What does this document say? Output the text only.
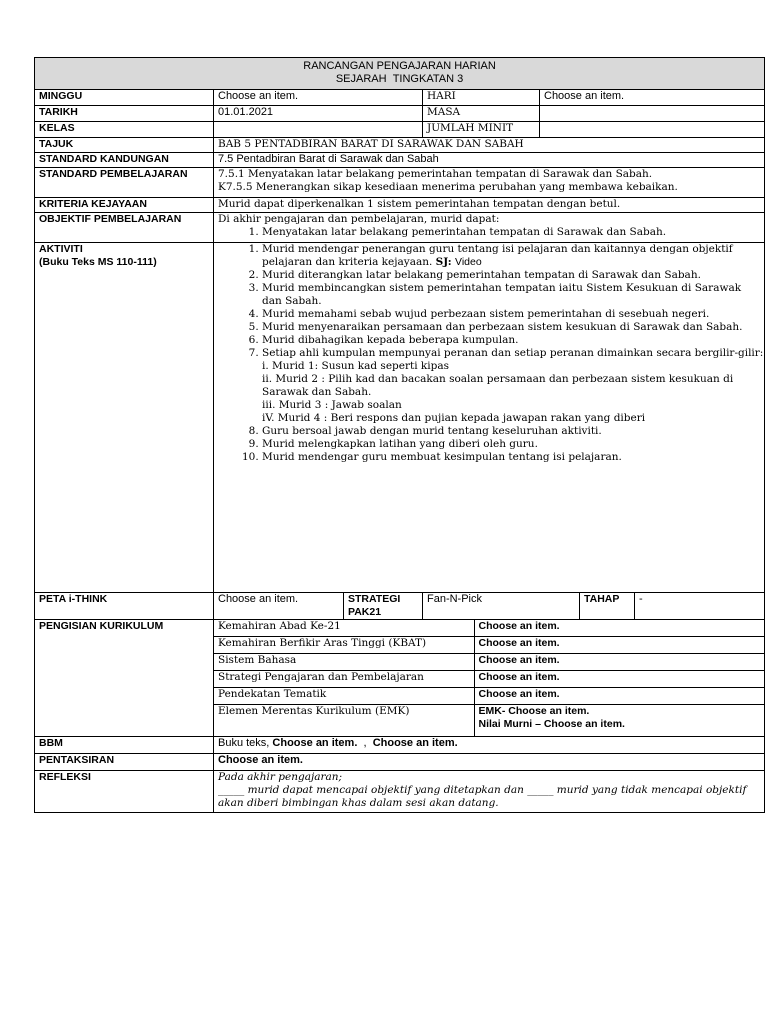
RANCANGAN PENGAJARAN HARIAN
SEJARAH TINGKATAN 3

MINGGU	Choose an item.	HARI	Choose an item.
TARIKH	01.01.2021	MASA	
KELAS		JUMLAH MINIT	
TAJUK	BAB 5 PENTADBIRAN BARAT DI SARAWAK DAN SABAH
STANDARD KANDUNGAN	7.5 Pentadbiran Barat di Sarawak dan Sabah
STANDARD PEMBELAJARAN	7.5.1 Menyatakan latar belakang pemerintahan tempatan di Sarawak dan Sabah.
K7.5.5 Menerangkan sikap kesediaan menerima perubahan yang membawa kebaikan.

KRITERIA KEJAYAAN	Murid dapat diperkenalkan 1 sistem pemerintahan tempatan dengan betul.
OBJEKTIF PEMBELAJARAN	Di akhir pengajaran dan pembelajaran, murid dapat:
1. Menyatakan latar belakang pemerintahan tempatan di Sarawak dan Sabah.

AKTIVITI
(Buku Teks MS 110-111)

1. Murid mendengar penerangan guru tentang isi pelajaran dan kaitannya dengan objektif pelajaran dan kriteria kejayaan. SJ: Video
2. Murid diterangkan latar belakang pemerintahan tempatan di Sarawak dan Sabah.
3. Murid membincangkan sistem pemerintahan tempatan iaitu Sistem Kesukuan di Sarawak dan Sabah.
4. Murid memahami sebab wujud perbezaan sistem pemerintahan di sesebuah negeri.
5. Murid menyenaraikan persamaan dan perbezaan sistem kesukuan di Sarawak dan Sabah.
6. Murid dibahagikan kepada beberapa kumpulan.
7. Setiap ahli kumpulan mempunyai peranan dan setiap peranan dimainkan secara bergilir-gilir:
i. Murid 1: Susun kad seperti kipas
ii. Murid 2 : Pilih kad dan bacakan soalan persamaan dan perbezaan sistem kesukuan di Sarawak dan Sabah.
iii. Murid 3 : Jawab soalan
iV. Murid 4 : Beri respons dan pujian kepada jawapan rakan yang diberi
8. Guru bersoal jawab dengan murid tentang keseluruhan aktiviti.
9. Murid melengkapkan latihan yang diberi oleh guru.
10. Murid mendengar guru membuat kesimpulan tentang isi pelajaran.

PETA i-THINK	Choose an item.	STRATEGI PAK21	Fan-N-Pick	TAHAP	-
PENGISIAN KURIKULUM		Kemahiran Abad Ke-21	Choose an item.
Kemahiran Berfikir Aras Tinggi (KBAT)	Choose an item.
Sistem Bahasa	Choose an item.
Strategi Pengajaran dan Pembelajaran	Choose an item.
Pendekatan Tematik	Choose an item.
Elemen Merentas Kurikulum (EMK)	EMK- Choose an item.
Nilai Murni – Choose an item.

BBM	Buku teks, Choose an item. , Choose an item.
PENTAKSIRAN	Choose an item.
REFLEKSI	Pada akhir pengajaran;
_____ murid dapat mencapai objektif yang ditetapkan dan _____ murid yang tidak mencapai objektif akan diberi bimbingan khas dalam sesi akan datang.
